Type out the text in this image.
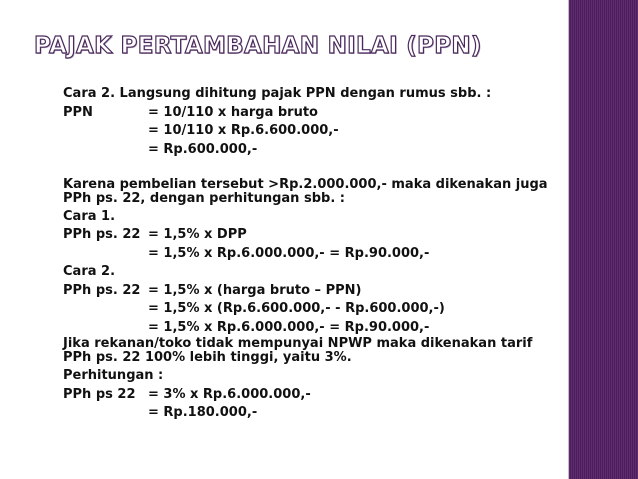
PAJAK PERTAMBAHAN NILAI (PPN)
Cara 2. Langsung dihitung pajak PPN dengan rumus sbb. :
PPN	= 10/110 x harga bruto
= 10/110 x Rp.6.600.000,-
= Rp.600.000,-
Karena pembelian tersebut >Rp.2.000.000,- maka dikenakan juga PPh ps. 22, dengan perhitungan sbb. :
Cara 1.
PPh ps. 22 = 1,5% x DPP
= 1,5% x Rp.6.000.000,- = Rp.90.000,-
Cara 2.
PPh ps. 22 = 1,5% x (harga bruto – PPN)
= 1,5% x (Rp.6.600.000,- - Rp.600.000,-)
= 1,5% x Rp.6.000.000,- = Rp.90.000,-
Jika rekanan/toko tidak mempunyai NPWP maka dikenakan tarif PPh ps. 22 100% lebih tinggi, yaitu 3%.
Perhitungan :
PPh ps 22 = 3% x Rp.6.000.000,-
= Rp.180.000,-
